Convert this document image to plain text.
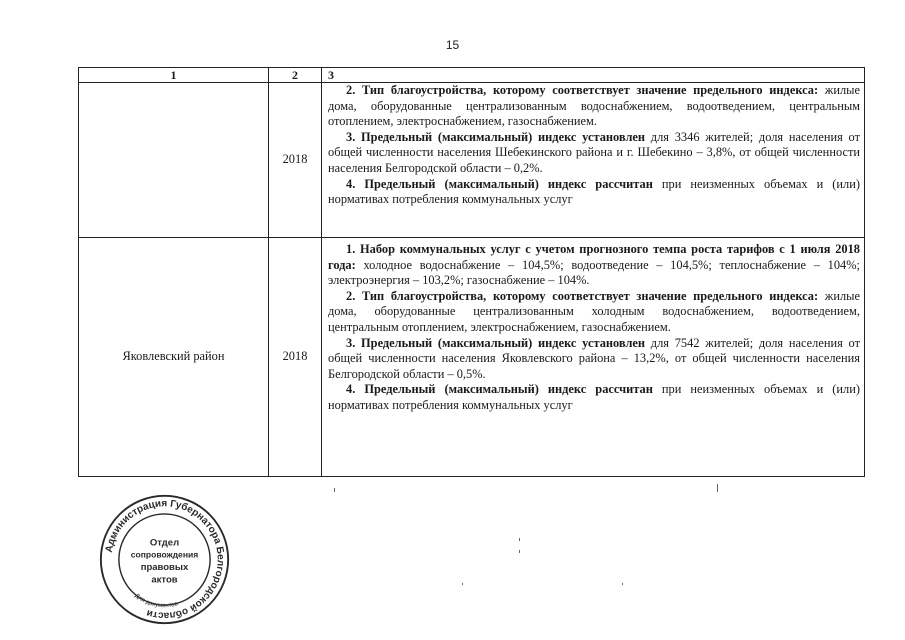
15
1	2	3
	2018	2. Тип благоустройства, которому соответствует значение предельного индекса: жилые дома, оборудованные централизованным водоснабжением, водоотведением, центральным отоплением, электроснабжением, газоснабжением.

3. Предельный (максимальный) индекс установлен для 3346 жителей; доля населения от общей численности населения Шебекинского района и г. Шебекино – 3,8%, от общей численности населения Белгородской области – 0,2%.

4. Предельный (максимальный) индекс рассчитан при неизменных объемах и (или) нормативах потребления коммунальных услуг

Яковлевский район	2018	1. Набор коммунальных услуг с учетом прогнозного темпа роста тарифов с 1 июля 2018 года: холодное водоснабжение – 104,5%; водоотведение – 104,5%; теплоснабжение – 104%; электроэнергия – 103,2%; газоснабжение – 104%.

2. Тип благоустройства, которому соответствует значение предельного индекса: жилые дома, оборудованные централизованным холодным водоснабжением, водоотведением, центральным отоплением, электроснабжением, газоснабжением.

3. Предельный (максимальный) индекс установлен для 7542 жителей; доля населения от общей численности населения Яковлевского района – 13,2%, от общей численности населения Белгородской области – 0,5%.

4. Предельный (максимальный) индекс рассчитан при неизменных объемах и (или) нормативах потребления коммунальных услуг

Администрация Губернатора Белгородской области
Отдел
сопровождения
правовых
актов
Для документов
